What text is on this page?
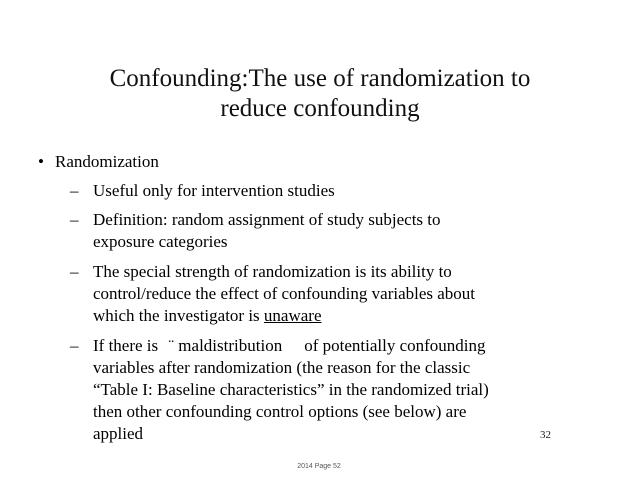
Confounding:The use of randomization to
reduce confounding
• Randomization
– Useful only for intervention studies
– Definition: random assignment of study subjects to
exposure categories
– The special strength of randomization is its ability to
control/reduce the effect of confounding variables about
which the investigator is unaware
– If there is ¨ maldistribution of potentially confounding
variables after randomization (the reason for the classic
“Table I: Baseline characteristics” in the randomized trial)
then other confounding control options (see below) are
applied	32
2014 Page 52
